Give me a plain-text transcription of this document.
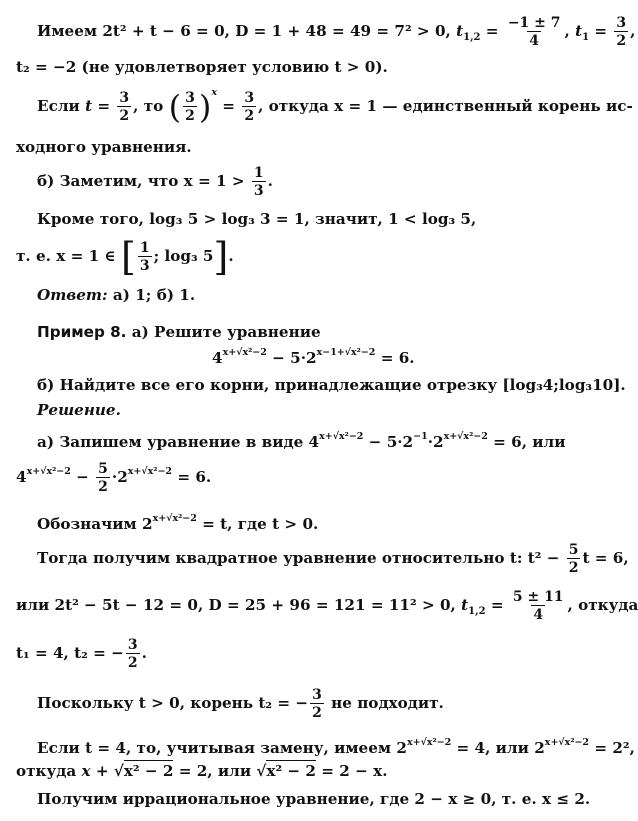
Имеем 2t² + t − 6 = 0, D = 1 + 48 = 49 = 7² > 0, $t_{1,2} = \frac{-1 \pm 7}{4}$ , $t_1 = \frac{3}{2}$ ,
t₂ = −2 (не удовлетворяет условию t > 0).
Если $t = \frac{3}{2}$ , то ( $\frac{3}{2} )^x = \frac{3}{2}$ , откуда x = 1 — единственный корень ис-
ходного уравнения.
б) Заметим, что $x = 1 > \frac{1}{3}$ .
Кроме того, log₃ 5 > log₃ 3 = 1, значит, 1 < log₃ 5,
т. е. x = 1 ∈ [ $\frac{1}{3}$ ; log₃ 5].
Ответ: а) 1; б) 1.
Пример 8. а) Решите уравнение
$4^{x+√x^2-2} - 5\cdot 2^{x-1+√x^2-2} = 6$.
б) Найдите все его корни, принадлежащие отрезку [log₃4;log₃10].
Решение.
а) Запишем уравнение в виде $4^{x+√x^2-2} - 5\cdot 2^{-1}\cdot 2^{x+√x^2-2} = 6$, или
$4^{x+√x^2-2} - \frac{5}{2} \cdot 2^{x+√x^2-2} = 6$.
Обозначим $2^{x+√x^2-2} = t$, где t > 0.
Тогда получим квадратное уравнение относительно t: $t^2 - \frac{5}{2}$ t = 6,
или 2t² − 5t − 12 = 0, D = 25 + 96 = 121 = 11² > 0, $t_{1,2} = \frac{5 \pm 11}{4}$ , откуда
t₁ = 4, t₂ = − $\frac{3}{2}$ .
Поскольку t > 0, корень t₂ = − $\frac{3}{2}$ не подходит.
Если t = 4, то, учитывая замену, имеем $2^{x+√x^2-2} = 4$, или $2^{x+√x^2-2} = 2^2$,
откуда x + √x² − 2 = 2, или √x² − 2 = 2 − x.
Получим иррациональное уравнение, где 2 − x ≥ 0, т. е. x ≤ 2.
